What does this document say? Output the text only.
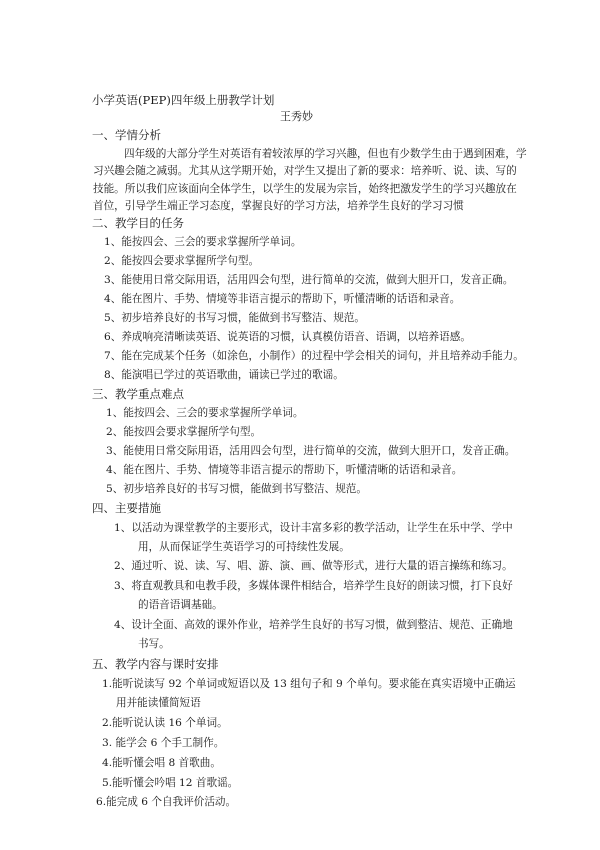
小学英语(PEP)四年级上册教学计划
王秀妙
一、学情分析
四年级的大部分学生对英语有着较浓厚的学习兴趣，但也有少数学生由于遇到困难，学
习兴趣会随之减弱。尤其从这学期开始，对学生又提出了新的要求：培养听、说、读、写的
技能。所以我们应该面向全体学生，以学生的发展为宗旨，始终把激发学生的学习兴趣放在
首位，引导学生端正学习态度，掌握良好的学习方法，培养学生良好的学习习惯
二、教学目的任务
1、能按四会、三会的要求掌握所学单词。
2、能按四会要求掌握所学句型。
3、能使用日常交际用语，活用四会句型，进行简单的交流，做到大胆开口，发音正确。
4、能在图片、手势、情境等非语言提示的帮助下，听懂清晰的话语和录音。
5、初步培养良好的书写习惯，能做到书写整洁、规范。
6、养成响亮清晰读英语、说英语的习惯，认真模仿语音、语调，以培养语感。
7、能在完成某个任务（如涂色，小制作）的过程中学会相关的词句，并且培养动手能力。
8、能演唱已学过的英语歌曲，诵读已学过的歌谣。
三、教学重点难点
1、能按四会、三会的要求掌握所学单词。
2、能按四会要求掌握所学句型。
3、能使用日常交际用语，活用四会句型，进行简单的交流，做到大胆开口，发音正确。
4、能在图片、手势、情境等非语言提示的帮助下，听懂清晰的话语和录音。
5、初步培养良好的书写习惯，能做到书写整洁、规范。
四、主要措施
1、以活动为课堂教学的主要形式，设计丰富多彩的教学活动，让学生在乐中学、学中
用，从而保证学生英语学习的可持续性发展。
2、通过听、说、读、写、唱、游、演、画、做等形式，进行大量的语言操练和练习。
3、将直观教具和电教手段，多媒体课件相结合，培养学生良好的朗读习惯，打下良好
的语音语调基础。
4、设计全面、高效的课外作业，培养学生良好的书写习惯，做到整洁、规范、正确地
书写。
五、教学内容与课时安排
1.能听说读写 92 个单词或短语以及 13 组句子和 9 个单句。要求能在真实语境中正确运
用并能读懂简短语
2.能听说认读 16 个单词。
3. 能学会 6 个手工制作。
4.能听懂会唱 8 首歌曲。
5.能听懂会吟唱 12 首歌谣。
6.能完成 6 个自我评价活动。
